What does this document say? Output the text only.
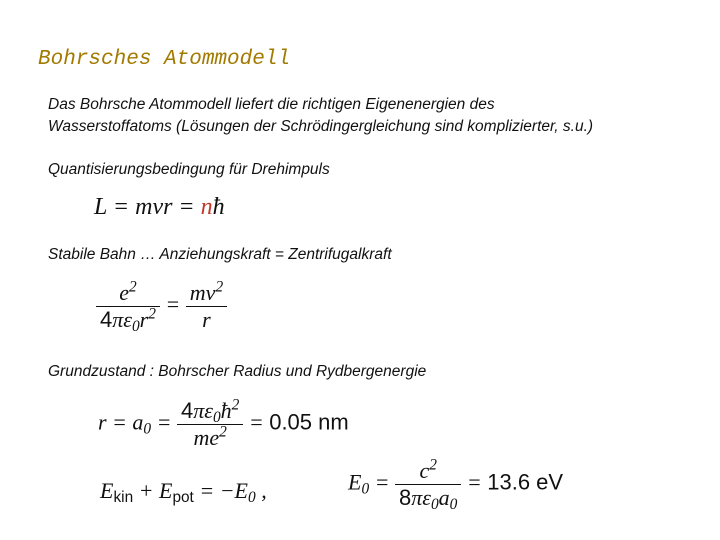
Bohrsches Atommodell
Das Bohrsche Atommodell liefert die richtigen Eigenenergien des
Wasserstoffatoms (Lösungen der Schrödingergleichung sind komplizierter, s.u.)
Quantisierungsbedingung für Drehimpuls
L = mvr = nħ
Stabile Bahn … Anziehungskraft = Zentrifugalkraft
$\frac{e^2}{4\pi\varepsilon_0r^2} = \frac{mv^2}{r}$
Grundzustand : Bohrscher Radius und Rydbergenergie
$r = a_0 = \frac{4\pi\varepsilon_0ħ^2}{me^2} = 0.05$ nm
$E_{kin} + E_{pot} = -E_0$ ,	$E_0 = \frac{c^2}{8\pi\varepsilon_0a_0} = 13.6$ eV
